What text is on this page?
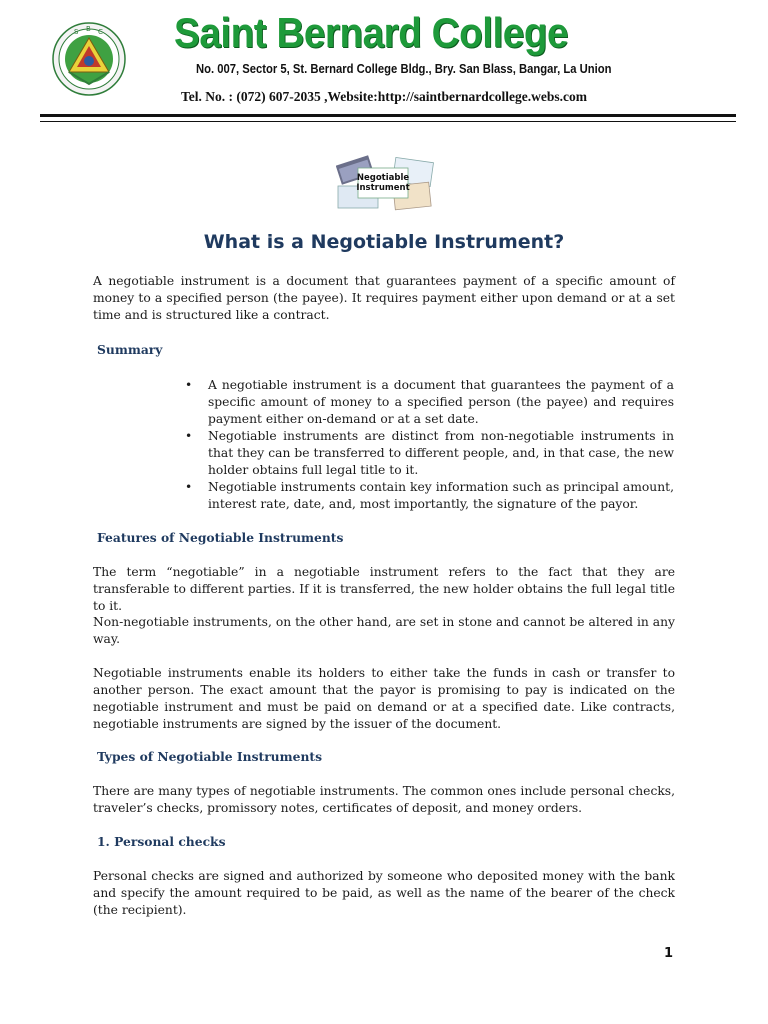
S B C Saint Bernard College
No. 007, Sector 5, St. Bernard College Bldg., Bry. San Blass, Bangar, La Union
Tel. No. : (072) 607-2035 ,Website:http://saintbernardcollege.webs.com
Negotiable
Instrument
What is a Negotiable Instrument?

A negotiable instrument is a document that guarantees payment of a specific amount of money to a specified person (the payee). It requires payment either upon demand or at a set time and is structured like a contract.

Summary
• A negotiable instrument is a document that guarantees the payment of a specific amount of money to a specified person (the payee) and requires payment either on-demand or at a set date.
• Negotiable instruments are distinct from non-negotiable instruments in that they can be transferred to different people, and, in that case, the new holder obtains full legal title to it.
• Negotiable instruments contain key information such as principal amount, interest rate, date, and, most importantly, the signature of the payor.
Features of Negotiable Instruments

The term “negotiable” in a negotiable instrument refers to the fact that they are transferable to different parties. If it is transferred, the new holder obtains the full legal title to it.

Non-negotiable instruments, on the other hand, are set in stone and cannot be altered in any way.

Negotiable instruments enable its holders to either take the funds in cash or transfer to another person. The exact amount that the payor is promising to pay is indicated on the negotiable instrument and must be paid on demand or at a specified date. Like contracts, negotiable instruments are signed by the issuer of the document.

Types of Negotiable Instruments

There are many types of negotiable instruments. The common ones include personal checks, traveler’s checks, promissory notes, certificates of deposit, and money orders.

1. Personal checks

Personal checks are signed and authorized by someone who deposited money with the bank and specify the amount required to be paid, as well as the name of the bearer of the check (the recipient).

1
